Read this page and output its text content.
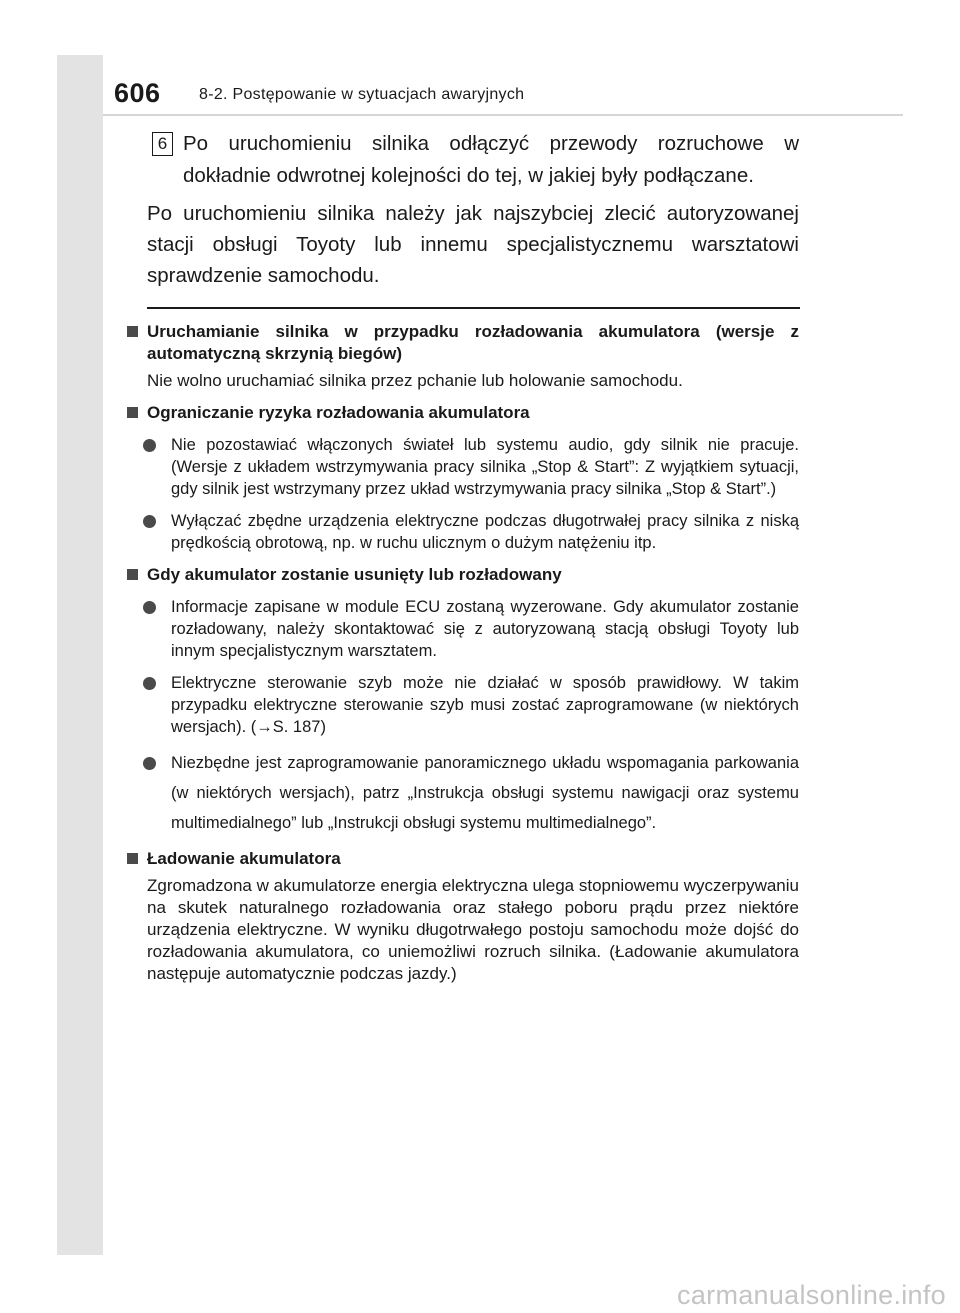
606 8-2. Postępowanie w sytuacjach awaryjnych
6 Po uruchomieniu silnika odłączyć przewody rozruchowe w dokładnie odwrotnej kolejności do tej, w jakiej były podłączane.
Po uruchomieniu silnika należy jak najszybciej zlecić autoryzowanej stacji obsługi Toyoty lub innemu specjalistycznemu warsztatowi sprawdzenie samochodu.
Uruchamianie silnika w przypadku rozładowania akumulatora (wersje z automatyczną skrzynią biegów)
Nie wolno uruchamiać silnika przez pchanie lub holowanie samochodu.
Ograniczanie ryzyka rozładowania akumulatora
Nie pozostawiać włączonych świateł lub systemu audio, gdy silnik nie pracuje. (Wersje z układem wstrzymywania pracy silnika „Stop & Start”: Z wyjątkiem sytuacji, gdy silnik jest wstrzymany przez układ wstrzymywania pracy silnika „Stop & Start”.)
Wyłączać zbędne urządzenia elektryczne podczas długotrwałej pracy silnika z niską prędkością obrotową, np. w ruchu ulicznym o dużym natężeniu itp.
Gdy akumulator zostanie usunięty lub rozładowany
Informacje zapisane w module ECU zostaną wyzerowane. Gdy akumulator zostanie rozładowany, należy skontaktować się z autoryzowaną stacją obsługi Toyoty lub innym specjalistycznym warsztatem.
Elektryczne sterowanie szyb może nie działać w sposób prawidłowy. W takim przypadku elektryczne sterowanie szyb musi zostać zaprogramowane (w niektórych wersjach). (→S. 187)
Niezbędne jest zaprogramowanie panoramicznego układu wspomagania parkowania (w niektórych wersjach), patrz „Instrukcja obsługi systemu nawigacji oraz systemu multimedialnego” lub „Instrukcji obsługi systemu multimedialnego”.
Ładowanie akumulatora
Zgromadzona w akumulatorze energia elektryczna ulega stopniowemu wyczerpywaniu na skutek naturalnego rozładowania oraz stałego poboru prądu przez niektóre urządzenia elektryczne. W wyniku długotrwałego postoju samochodu może dojść do rozładowania akumulatora, co uniemożliwi rozruch silnika. (Ładowanie akumulatora następuje automatycznie podczas jazdy.)
carmanualsonline.info
